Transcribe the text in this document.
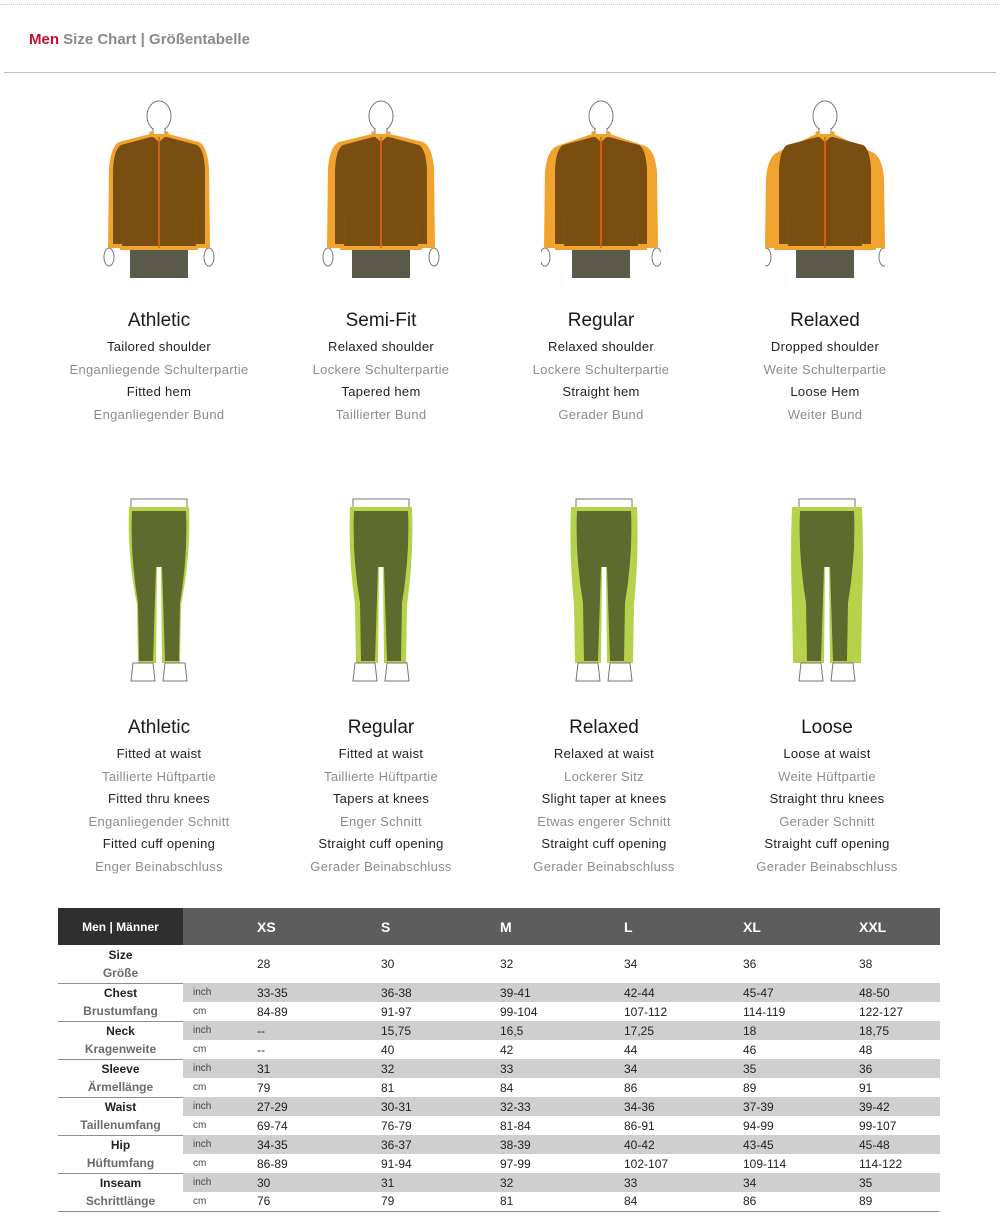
Men Size Chart | Größentabelle
Athletic
Tailored shoulder
Enganliegende Schulterpartie
Fitted hem
Enganliegender Bund
Semi-Fit
Relaxed shoulder
Lockere Schulterpartie
Tapered hem
Taillierter Bund
Regular
Relaxed shoulder
Lockere Schulterpartie
Straight hem
Gerader Bund
Relaxed
Dropped shoulder
Weite Schulterpartie
Loose Hem
Weiter Bund
Athletic
Fitted at waist
Taillierte Hüftpartie
Fitted thru knees
Enganliegender Schnitt
Fitted cuff opening
Enger Beinabschluss
Regular
Fitted at waist
Taillierte Hüftpartie
Tapers at knees
Enger Schnitt
Straight cuff opening
Gerader Beinabschluss
Relaxed
Relaxed at waist
Lockerer Sitz
Slight taper at knees
Etwas engerer Schnitt
Straight cuff opening
Gerader Beinabschluss
Loose
Loose at waist
Weite Hüftpartie
Straight thru knees
Gerader Schnitt
Straight cuff opening
Gerader Beinabschluss
Men | Männer		XS	S	M	L	XL	XXL
Size
Größe		28	30	32	34	36	38
Chest	inch	33-35	36-38	39-41	42-44	45-47	48-50
Brustumfang	cm	84-89	91-97	99-104	107-112	114-119	122-127
Neck	inch	--	15,75	16,5	17,25	18	18,75
Kragenweite	cm	--	40	42	44	46	48
Sleeve	inch	31	32	33	34	35	36
Ärmellänge	cm	79	81	84	86	89	91
Waist	inch	27-29	30-31	32-33	34-36	37-39	39-42
Taillenumfang	cm	69-74	76-79	81-84	86-91	94-99	99-107
Hip	inch	34-35	36-37	38-39	40-42	43-45	45-48
Hüftumfang	cm	86-89	91-94	97-99	102-107	109-114	114-122
Inseam	inch	30	31	32	33	34	35
Schrittlänge	cm	76	79	81	84	86	89
